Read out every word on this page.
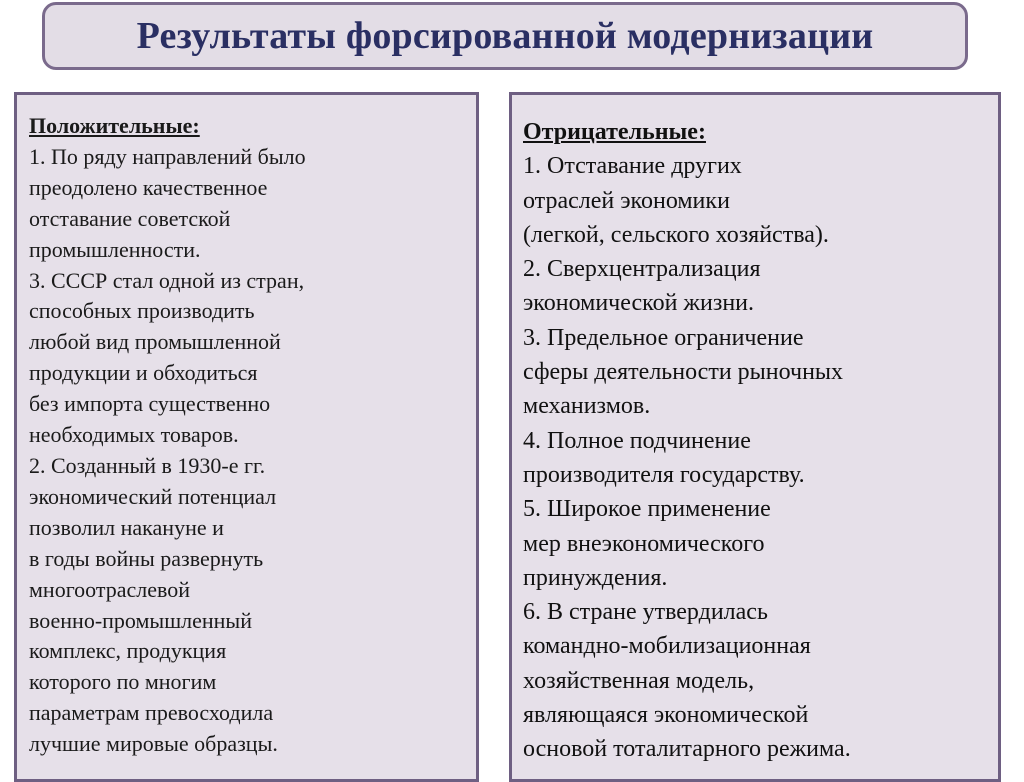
Результаты форсированной модернизации
Положительные:
1. По ряду направлений было
преодолено качественное
отставание советской
промышленности.
3. СССР стал одной из стран,
способных производить
любой вид промышленной
продукции и обходиться
без импорта существенно
необходимых товаров.
2. Созданный в 1930-е гг.
экономический потенциал
позволил накануне и
в годы войны развернуть
многоотраслевой
военно-промышленный
комплекс, продукция
которого по многим
параметрам превосходила
лучшие мировые образцы.
Отрицательные:
1. Отставание других
отраслей экономики
(легкой, сельского хозяйства).
2. Сверхцентрализация
экономической жизни.
3. Предельное ограничение
сферы деятельности рыночных
механизмов.
4. Полное подчинение
производителя государству.
5. Широкое применение
мер внеэкономического
принуждения.
6. В стране утвердилась
командно-мобилизационная
хозяйственная модель,
являющаяся экономической
основой тоталитарного режима.
